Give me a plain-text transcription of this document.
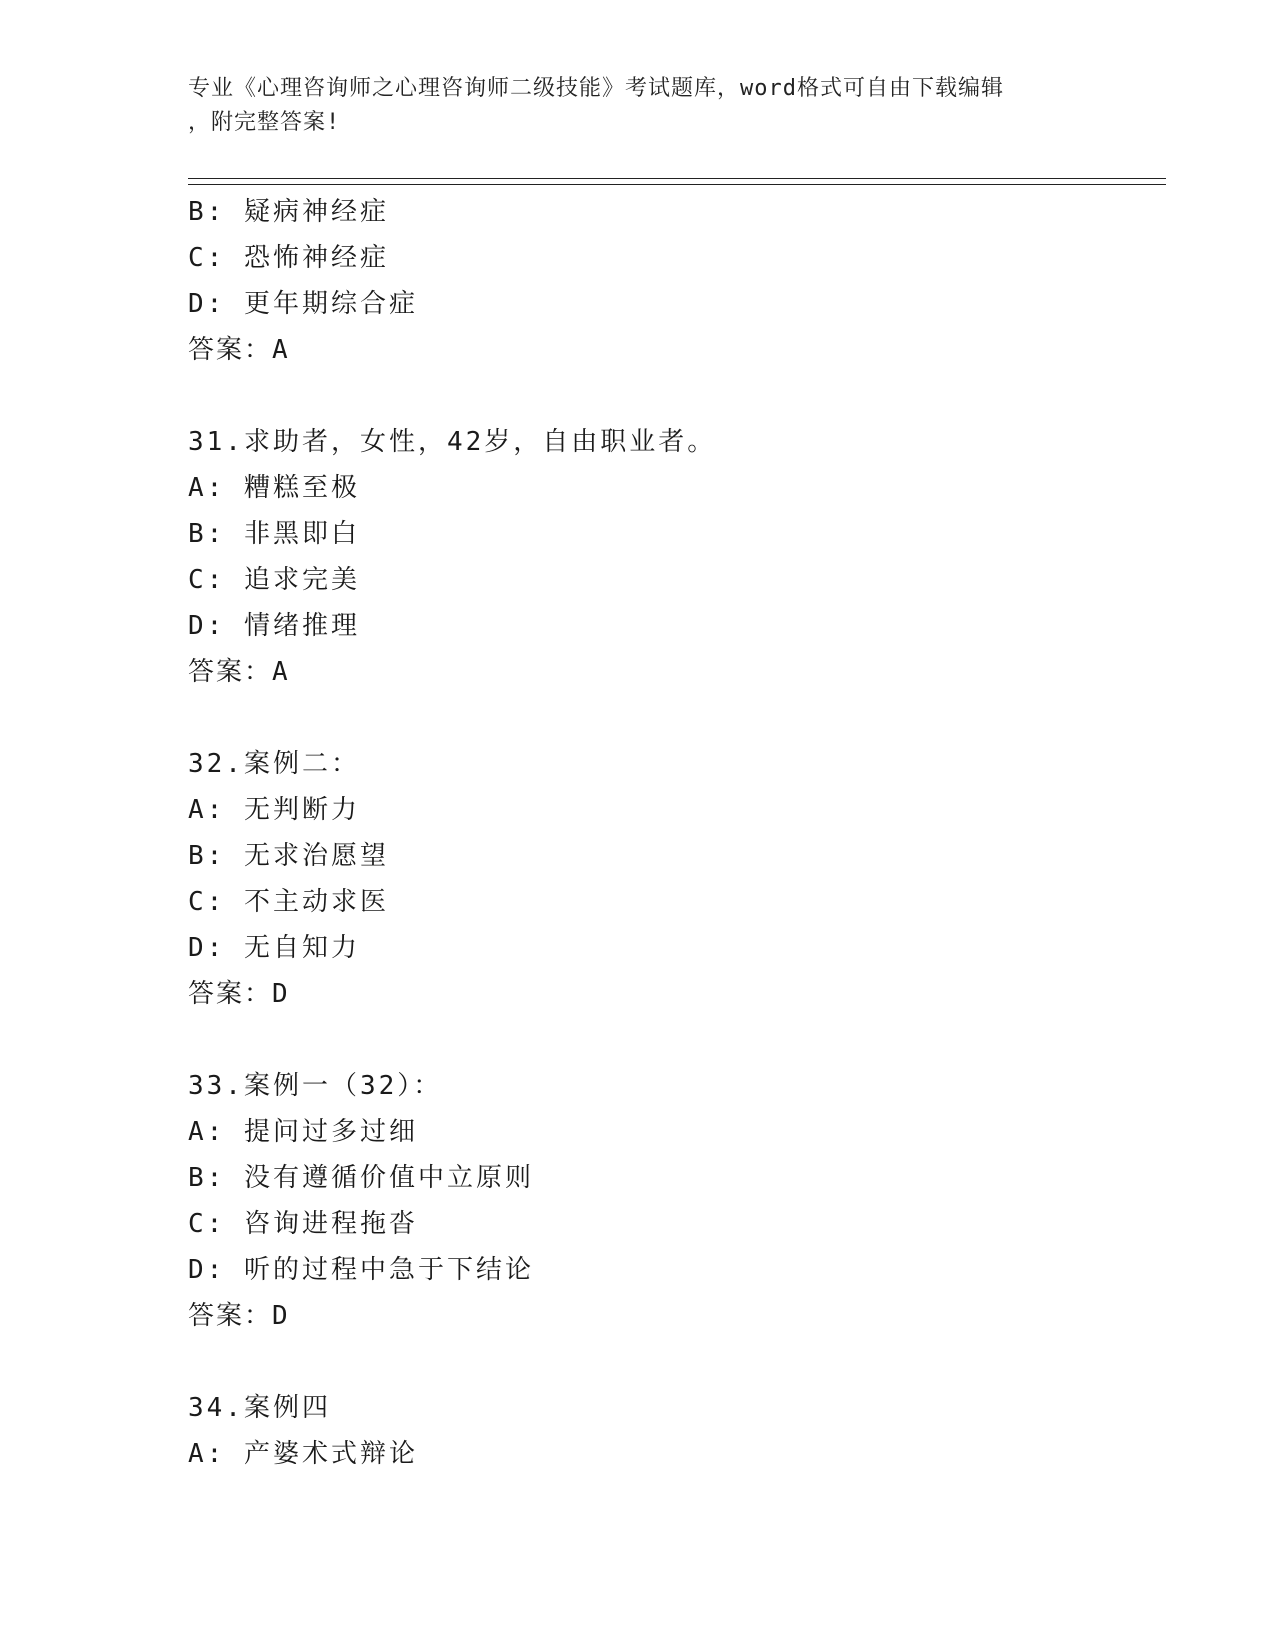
专业《心理咨询师之心理咨询师二级技能》考试题库，word格式可自由下载编辑
，附完整答案!
B: 疑病神经症
C: 恐怖神经症
D: 更年期综合症
答案：A
31.求助者，女性，42岁，自由职业者。
A: 糟糕至极
B: 非黑即白
C: 追求完美
D: 情绪推理
答案：A
32.案例二：
A: 无判断力
B: 无求治愿望
C: 不主动求医
D: 无自知力
答案：D
33.案例一（32）：
A: 提问过多过细
B: 没有遵循价值中立原则
C: 咨询进程拖沓
D: 听的过程中急于下结论
答案：D
34.案例四
A: 产婆术式辩论
